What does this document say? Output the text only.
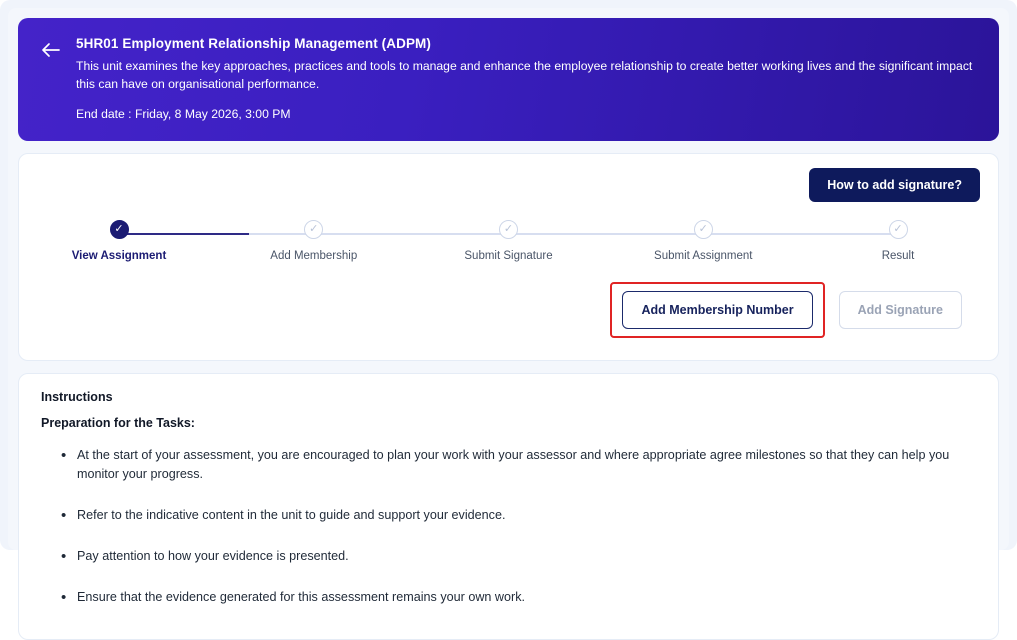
5HR01 Employment Relationship Management (ADPM)
This unit examines the key approaches, practices and tools to manage and enhance the employee relationship to create better working lives and the significant impact this can have on organisational performance.
End date : Friday, 8 May 2026, 3:00 PM
How to add signature?
✓
View Assignment
✓
Add Membership
✓
Submit Signature
✓
Submit Assignment
✓
Result
Add Membership Number	Add Signature
Instructions
Preparation for the Tasks:
• At the start of your assessment, you are encouraged to plan your work with your assessor and where appropriate agree milestones so that they can help you monitor your progress.
• Refer to the indicative content in the unit to guide and support your evidence.
• Pay attention to how your evidence is presented.
• Ensure that the evidence generated for this assessment remains your own work.
